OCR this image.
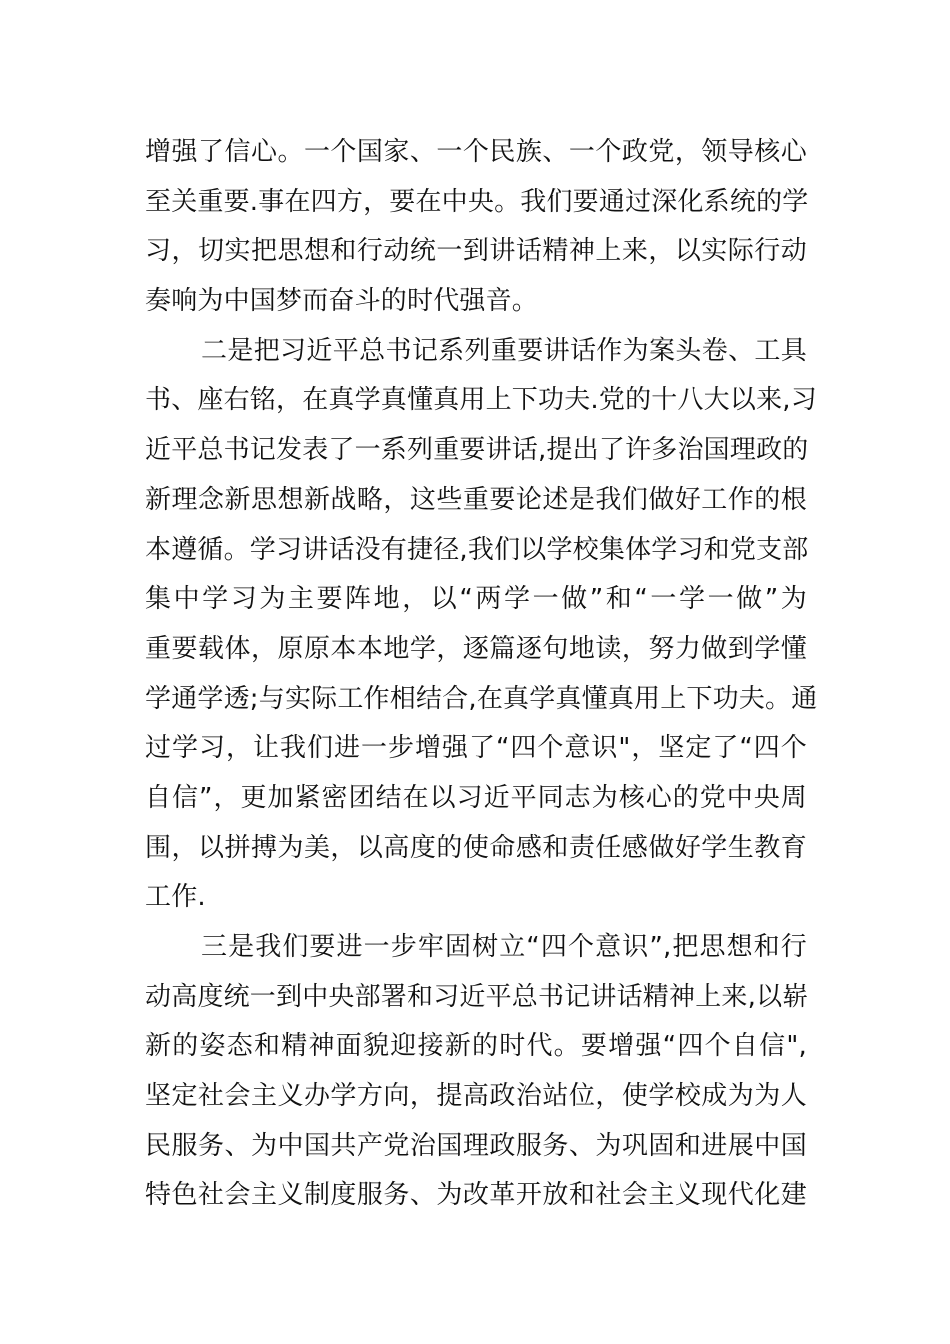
增强了信心。一个国家、一个民族、一个政党，领导核心
至关重要.事在四方，要在中央。我们要通过深化系统的学
习，切实把思想和行动统一到讲话精神上来，以实际行动
奏响为中国梦而奋斗的时代强音。
二是把习近平总书记系列重要讲话作为案头卷、工具
书、座右铭，在真学真懂真用上下功夫.党的十八大以来,习
近平总书记发表了一系列重要讲话,提出了许多治国理政的
新理念新思想新战略，这些重要论述是我们做好工作的根
本遵循。学习讲话没有捷径,我们以学校集体学习和党支部
集中学习为主要阵地，以“两学一做”和“一学一做”为
重要载体，原原本本地学，逐篇逐句地读，努力做到学懂
学通学透;与实际工作相结合,在真学真懂真用上下功夫。通
过学习，让我们进一步增强了“四个意识"，坚定了“四个
自信”，更加紧密团结在以习近平同志为核心的党中央周
围，以拼搏为美，以高度的使命感和责任感做好学生教育
工作.
三是我们要进一步牢固树立“四个意识”,把思想和行
动高度统一到中央部署和习近平总书记讲话精神上来,以崭
新的姿态和精神面貌迎接新的时代。要增强“四个自信",
坚定社会主义办学方向，提高政治站位，使学校成为为人
民服务、为中国共产党治国理政服务、为巩固和进展中国
特色社会主义制度服务、为改革开放和社会主义现代化建
